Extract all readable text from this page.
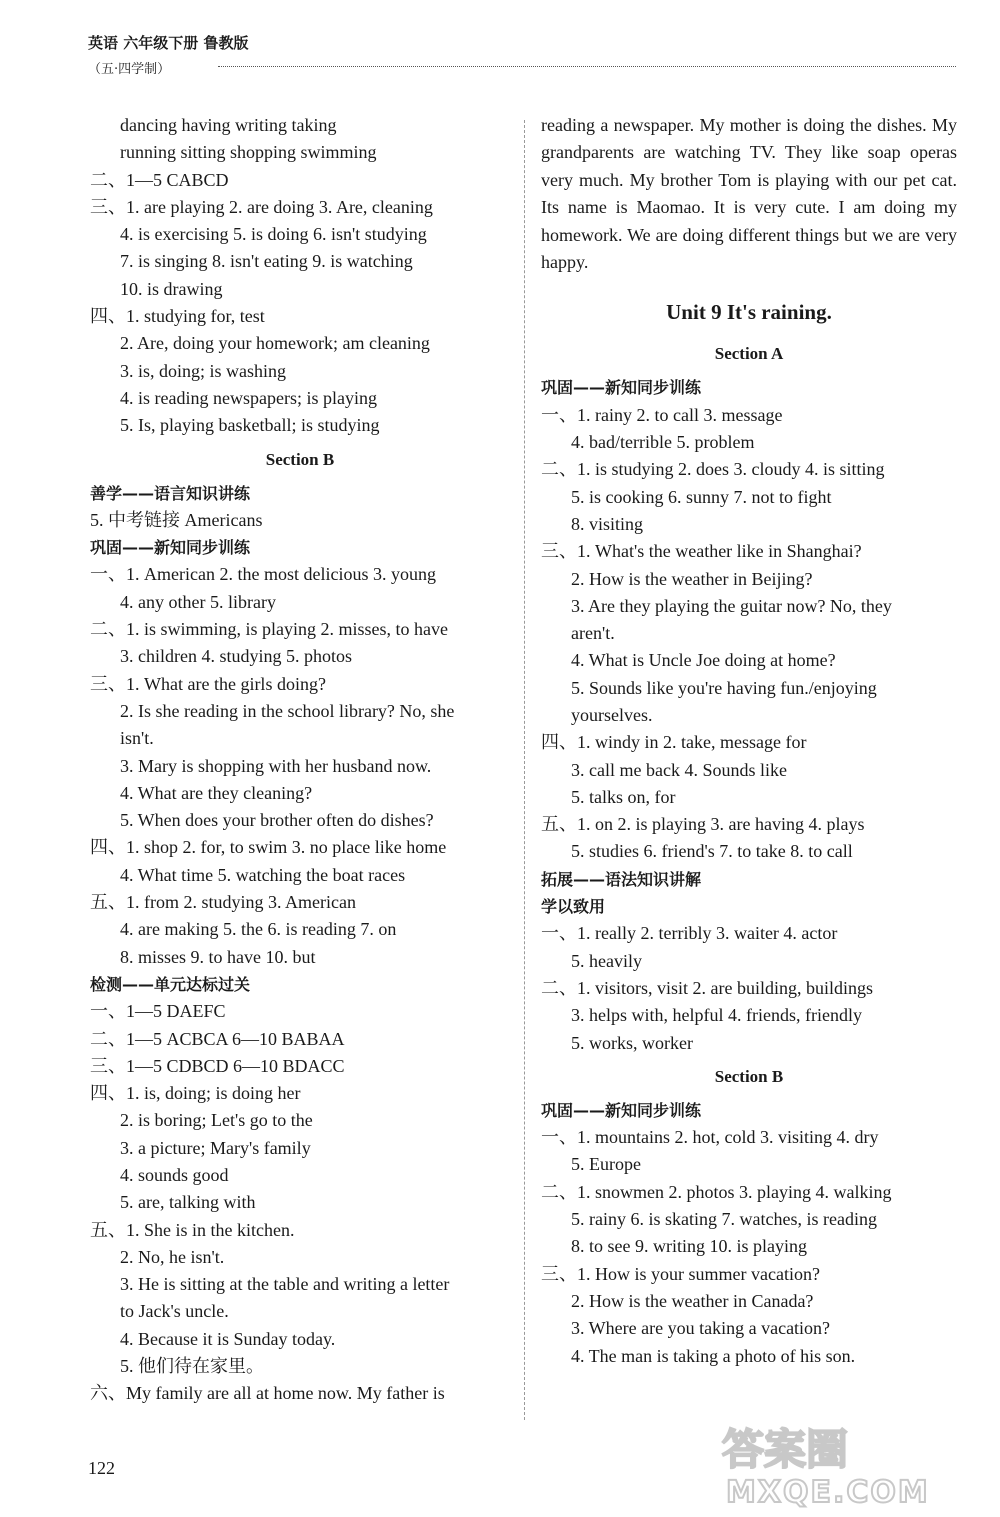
英语 六年级下册 鲁教版
（五·四学制）
dancing having writing taking
running sitting shopping swimming
二、1—5 CABCD
三、1. are playing 2. are doing 3. Are, cleaning
4. is exercising 5. is doing 6. isn't studying
7. is singing 8. isn't eating 9. is watching
10. is drawing
四、1. studying for, test
2. Are, doing your homework; am cleaning
3. is, doing; is washing
4. is reading newspapers; is playing
5. Is, playing basketball; is studying
Section B
善学——语言知识讲练
5. 中考链接 Americans
巩固——新知同步训练
一、1. American 2. the most delicious 3. young
4. any other 5. library
二、1. is swimming, is playing 2. misses, to have
3. children 4. studying 5. photos
三、1. What are the girls doing?
2. Is she reading in the school library? No, she
isn't.
3. Mary is shopping with her husband now.
4. What are they cleaning?
5. When does your brother often do dishes?
四、1. shop 2. for, to swim 3. no place like home
4. What time 5. watching the boat races
五、1. from 2. studying 3. American
4. are making 5. the 6. is reading 7. on
8. misses 9. to have 10. but
检测——单元达标过关
一、1—5 DAEFC
二、1—5 ACBCA 6—10 BABAA
三、1—5 CDBCD 6—10 BDACC
四、1. is, doing; is doing her
2. is boring; Let's go to the
3. a picture; Mary's family
4. sounds good
5. are, talking with
五、1. She is in the kitchen.
2. No, he isn't.
3. He is sitting at the table and writing a letter
to Jack's uncle.
4. Because it is Sunday today.
5. 他们待在家里。
六、My family are all at home now. My father is
reading a newspaper. My mother is doing the dishes. My grandparents are watching TV. They like soap operas very much. My brother Tom is playing with our pet cat. Its name is Maomao. It is very cute. I am doing my homework. We are doing different things but we are very happy.
Unit 9 It's raining.
Section A
巩固——新知同步训练
一、1. rainy 2. to call 3. message
4. bad/terrible 5. problem
二、1. is studying 2. does 3. cloudy 4. is sitting
5. is cooking 6. sunny 7. not to fight
8. visiting
三、1. What's the weather like in Shanghai?
2. How is the weather in Beijing?
3. Are they playing the guitar now? No, they
aren't.
4. What is Uncle Joe doing at home?
5. Sounds like you're having fun./enjoying
yourselves.
四、1. windy in 2. take, message for
3. call me back 4. Sounds like
5. talks on, for
五、1. on 2. is playing 3. are having 4. plays
5. studies 6. friend's 7. to take 8. to call
拓展——语法知识讲解
学以致用
一、1. really 2. terribly 3. waiter 4. actor
5. heavily
二、1. visitors, visit 2. are building, buildings
3. helps with, helpful 4. friends, friendly
5. works, worker
Section B
巩固——新知同步训练
一、1. mountains 2. hot, cold 3. visiting 4. dry
5. Europe
二、1. snowmen 2. photos 3. playing 4. walking
5. rainy 6. is skating 7. watches, is reading
8. to see 9. writing 10. is playing
三、1. How is your summer vacation?
2. How is the weather in Canada?
3. Where are you taking a vacation?
4. The man is taking a photo of his son.
122	答案圈
MXQE.COM
